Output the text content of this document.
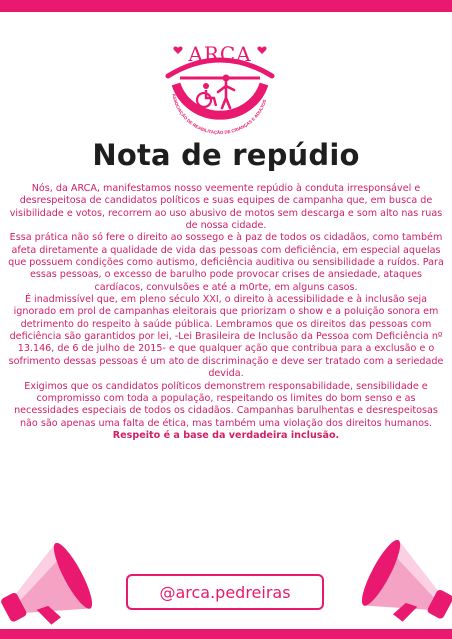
ARCA
ASSOCIAÇÃO DE REABILITAÇÃO DE CRIANÇAS E ADULTOS
Nota de repúdio

Nós, da ARCA, manifestamos nosso veemente repúdio à conduta irresponsável e desrespeitosa de candidatos políticos e suas equipes de campanha que, em busca de visibilidade e votos, recorrem ao uso abusivo de motos sem descarga e som alto nas ruas de nossa cidade.

Essa prática não só fere o direito ao sossego e à paz de todos os cidadãos, como também afeta diretamente a qualidade de vida das pessoas com deficiência, em especial aquelas que possuem condições como autismo, deficiência auditiva ou sensibilidade a ruídos. Para essas pessoas, o excesso de barulho pode provocar crises de ansiedade, ataques cardíacos, convulsões e até a m0rte, em alguns casos.

É inadmissível que, em pleno século XXI, o direito à acessibilidade e à inclusão seja ignorado em prol de campanhas eleitorais que priorizam o show e a poluição sonora em detrimento do respeito à saúde pública. Lembramos que os direitos das pessoas com deficiência são garantidos por lei, -Lei Brasileira de Inclusão da Pessoa com Deficiência nº 13.146, de 6 de julho de 2015- e que qualquer ação que contribua para a exclusão e o sofrimento dessas pessoas é um ato de discriminação e deve ser tratado com a seriedade devida.

Exigimos que os candidatos políticos demonstrem responsabilidade, sensibilidade e compromisso com toda a população, respeitando os limites do bom senso e as necessidades especiais de todos os cidadãos. Campanhas barulhentas e desrespeitosas não são apenas uma falta de ética, mas também uma violação dos direitos humanos.

Respeito é a base da verdadeira inclusão.

@arca.pedreiras
